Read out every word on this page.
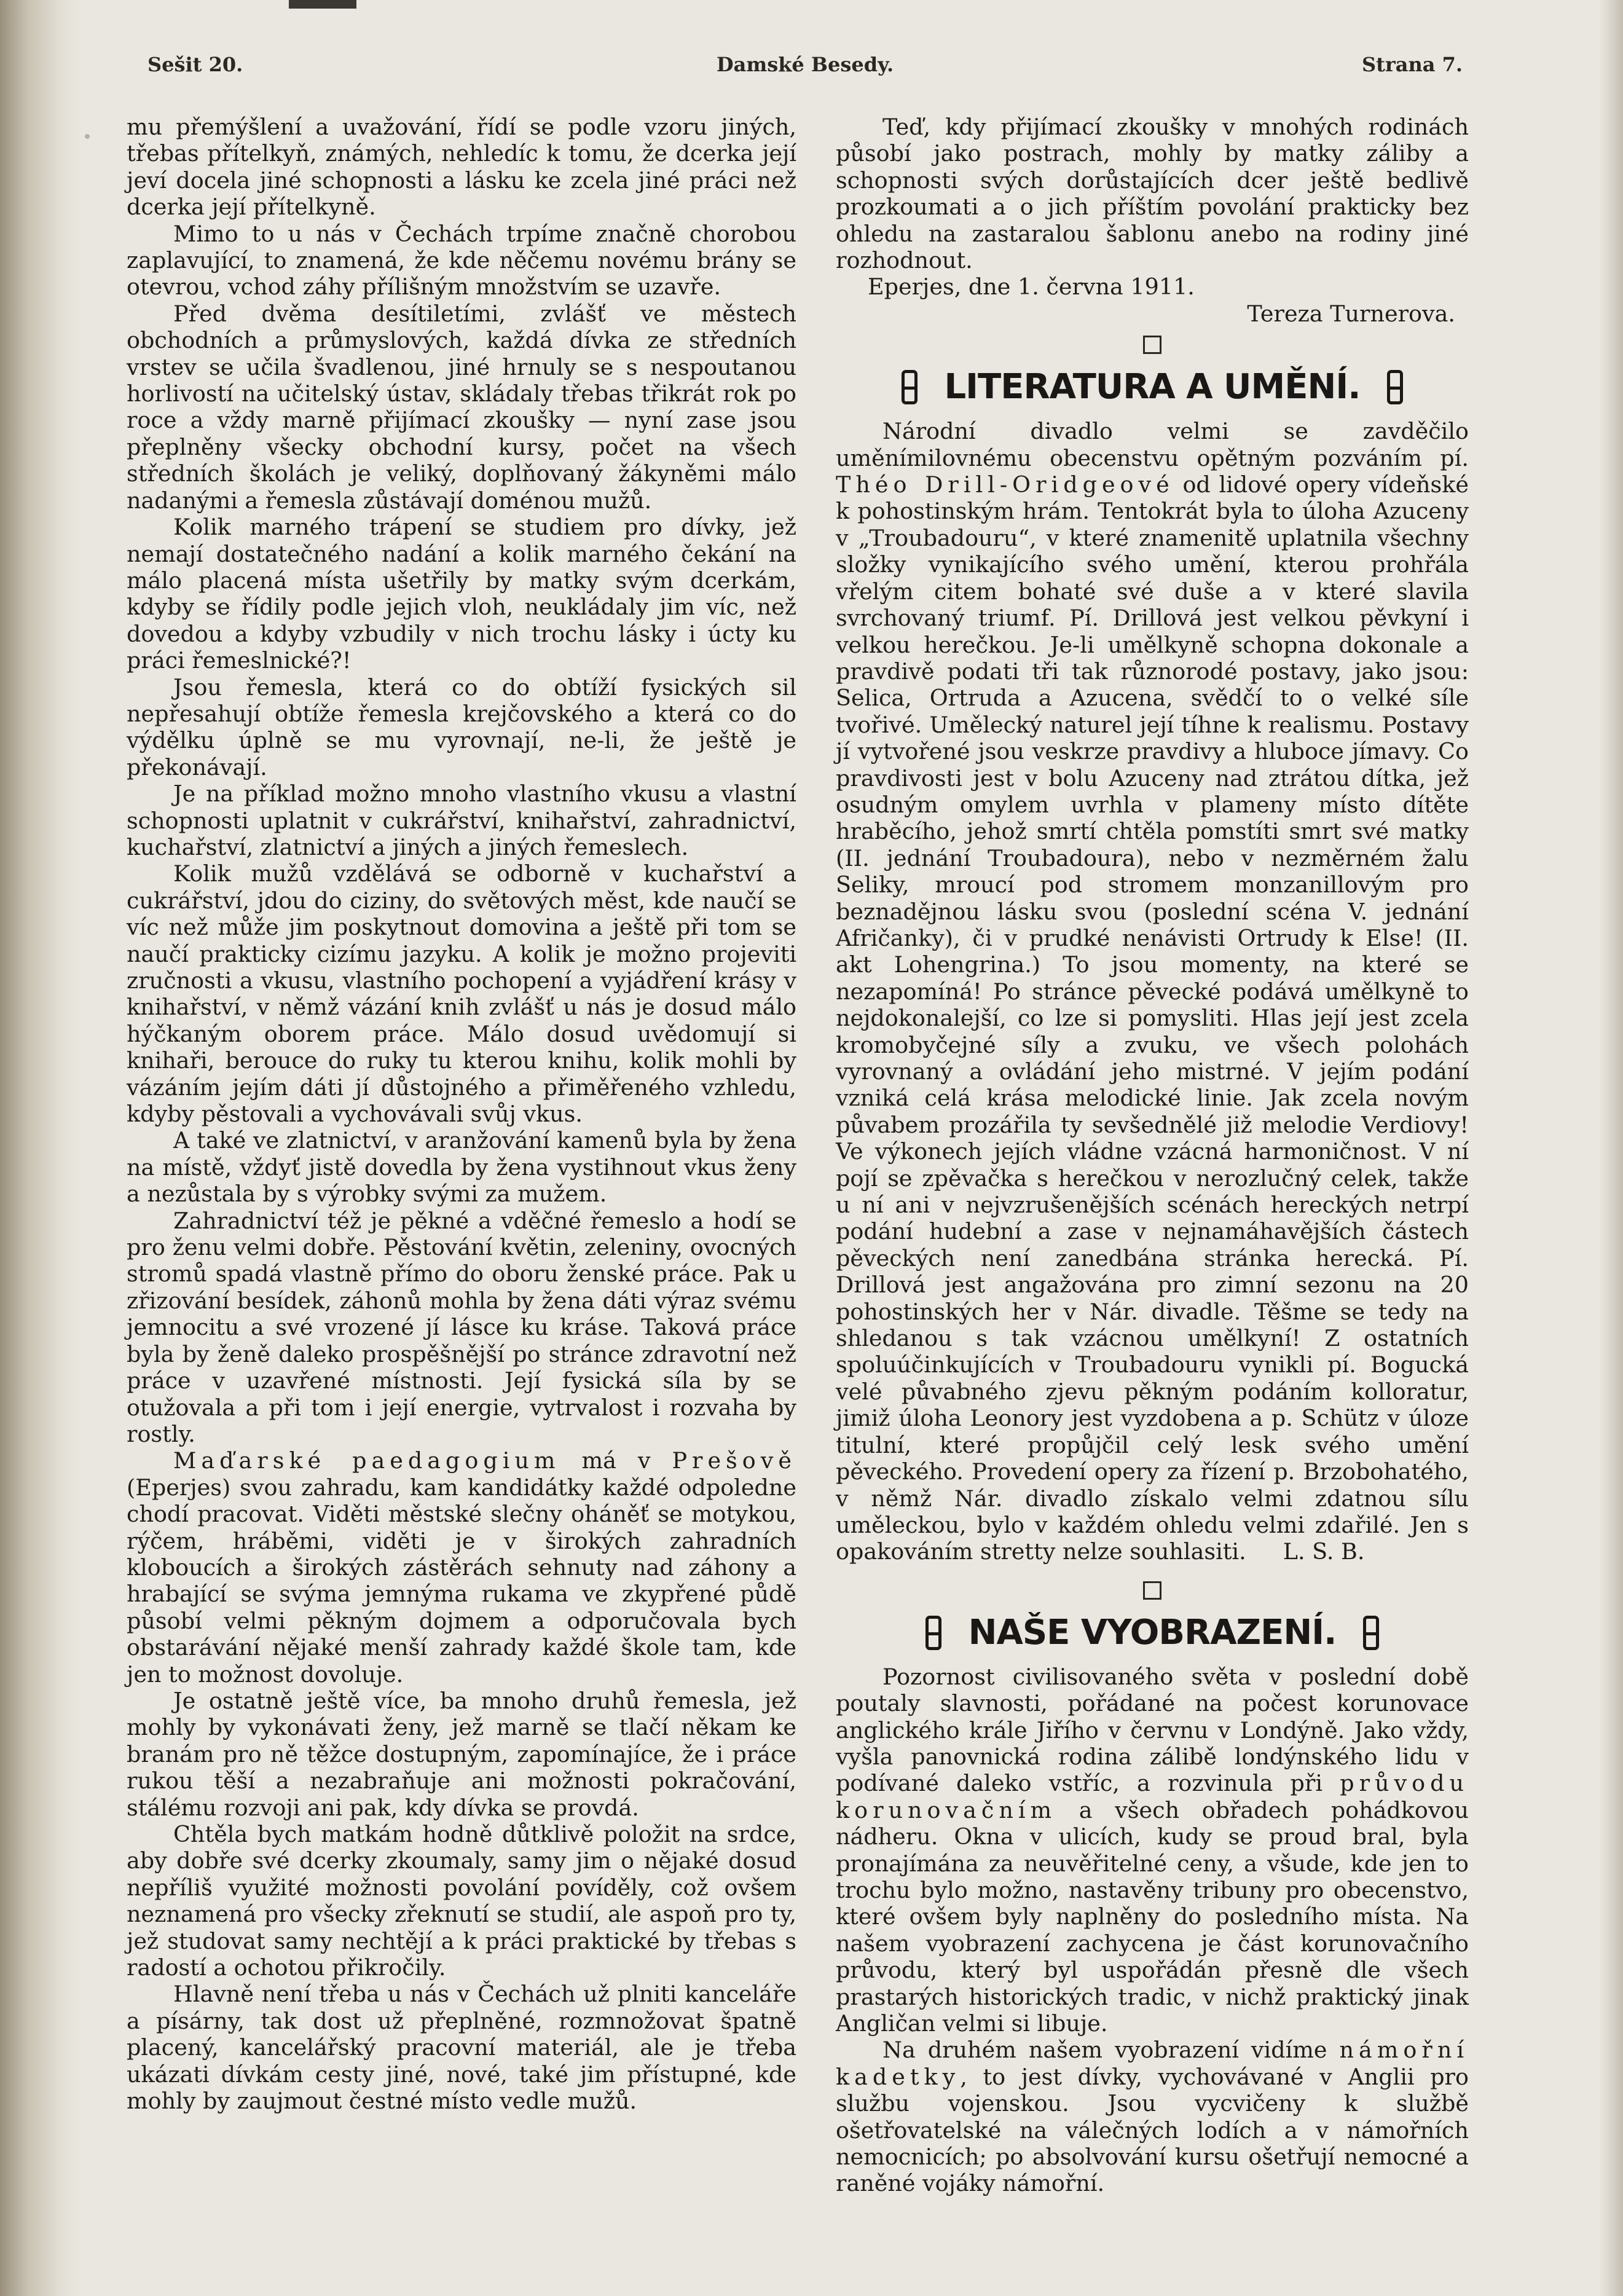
Sešit 20.	Damské Besedy.	Strana 7.

mu přemýšlení a uvažování, řídí se podle vzoru jiných, třebas přítelkyň, známých, nehledíc k tomu, že dcerka její jeví docela jiné schopnosti a lásku ke zcela jiné práci než dcerka její přítelkyně.

Mimo to u nás v Čechách trpíme značně chorobou zaplavující, to znamená, že kde něčemu novému brány se otevrou, vchod záhy přílišným množstvím se uzavře.

Před dvěma desítiletími, zvlášť ve městech obchodních a průmyslových, každá dívka ze středních vrstev se učila švadlenou, jiné hrnuly se s nespoutanou horlivostí na učitelský ústav, skládaly třebas třikrát rok po roce a vždy marně přijímací zkoušky — nyní zase jsou přeplněny všecky obchodní kursy, počet na všech středních školách je veliký, doplňovaný žákyněmi málo nadanými a řemesla zůstávají doménou mužů.

Kolik marného trápení se studiem pro dívky, jež nemají dostatečného nadání a kolik marného čekání na málo placená místa ušetřily by matky svým dcerkám, kdyby se řídily podle jejich vloh, neukládaly jim víc, než dovedou a kdyby vzbudily v nich trochu lásky i úcty ku práci řemeslnické?!

Jsou řemesla, která co do obtíží fysických sil nepřesahují obtíže řemesla krejčovského a která co do výdělku úplně se mu vyrovnají, ne-li, že ještě je překonávají.

Je na příklad možno mnoho vlastního vkusu a vlastní schopnosti uplatnit v cukrářství, knihařství, zahradnictví, kuchařství, zlatnictví a jiných a jiných řemeslech.

Kolik mužů vzdělává se odborně v kuchařství a cukrářství, jdou do ciziny, do světových měst, kde naučí se víc než může jim poskytnout domovina a ještě při tom se naučí prakticky cizímu jazyku. A kolik je možno projeviti zručnosti a vkusu, vlastního pochopení a vyjádření krásy v knihařství, v němž vázání knih zvlášť u nás je dosud málo hýčkaným oborem práce. Málo dosud uvědomují si knihaři, berouce do ruky tu kterou knihu, kolik mohli by vázáním jejím dáti jí důstojného a přiměřeného vzhledu, kdyby pěstovali a vychovávali svůj vkus.

A také ve zlatnictví, v aranžování kamenů byla by žena na místě, vždyť jistě dovedla by žena vystihnout vkus ženy a nezůstala by s výrobky svými za mužem.

Zahradnictví též je pěkné a vděčné řemeslo a hodí se pro ženu velmi dobře. Pěstování květin, zeleniny, ovocných stromů spadá vlastně přímo do oboru ženské práce. Pak u zřizování besídek, záhonů mohla by žena dáti výraz svému jemnocitu a své vrozené jí lásce ku kráse. Taková práce byla by ženě daleko prospěšnější po stránce zdravotní než práce v uzavřené místnosti. Její fysická síla by se otužovala a při tom i její energie, vytrvalost i rozvaha by rostly.

Maďarské paedagogium má v Prešově (Eperjes) svou zahradu, kam kandidátky každé odpoledne chodí pracovat. Viděti městské slečny oháněť se motykou, rýčem, hráběmi, viděti je v širokých zahradních kloboucích a širokých zástěrách sehnuty nad záhony a hrabající se svýma jemnýma rukama ve zkypřené půdě působí velmi pěkným dojmem a odporučovala bych obstarávání nějaké menší zahrady každé škole tam, kde jen to možnost dovoluje.

Je ostatně ještě více, ba mnoho druhů řemesla, jež mohly by vykonávati ženy, jež marně se tlačí někam ke branám pro ně těžce dostupným, zapomínajíce, že i práce rukou těší a nezabraňuje ani možnosti pokračování, stálému rozvoji ani pak, kdy dívka se provdá.

Chtěla bych matkám hodně důtklivě položit na srdce, aby dobře své dcerky zkoumaly, samy jim o nějaké dosud nepříliš využité možnosti povolání povíděly, což ovšem neznamená pro všecky zřeknutí se studií, ale aspoň pro ty, jež studovat samy nechtějí a k práci praktické by třebas s radostí a ochotou přikročily.

Hlavně není třeba u nás v Čechách už plniti kanceláře a písárny, tak dost už přeplněné, rozmnožovat špatně placený, kancelářský pracovní materiál, ale je třeba ukázati dívkám cesty jiné, nové, také jim přístupné, kde mohly by zaujmout čestné místo vedle mužů.

Teď, kdy přijímací zkoušky v mnohých rodinách působí jako postrach, mohly by matky záliby a schopnosti svých dorůstajících dcer ještě bedlivě prozkoumati a o jich příštím povolání prakticky bez ohledu na zastaralou šablonu anebo na rodiny jiné rozhodnout.

Eperjes, dne 1. června 1911.

Tereza Turnerova.

LITERATURA A UMĚNÍ.

Národní divadlo velmi se zavděčilo uměnímilovnému obecenstvu opětným pozváním pí. Théo Drill-Oridgeové od lidové opery vídeňské k pohostinským hrám. Tentokrát byla to úloha Azuceny v „Troubadouru“, v které znamenitě uplatnila všechny složky vynikajícího svého umění, kterou prohřála vřelým citem bohaté své duše a v které slavila svrchovaný triumf. Pí. Drillová jest velkou pěvkyní i velkou herečkou. Je-li umělkyně schopna dokonale a pravdivě podati tři tak různorodé postavy, jako jsou: Selica, Ortruda a Azucena, svědčí to o velké síle tvořivé. Umělecký naturel její tíhne k realismu. Postavy jí vytvořené jsou veskrze pravdivy a hluboce jímavy. Co pravdivosti jest v bolu Azuceny nad ztrátou dítka, jež osudným omylem uvrhla v plameny místo dítěte hraběcího, jehož smrtí chtěla pomstíti smrt své matky (II. jednání Troubadoura), nebo v nezměrném žalu Seliky, mroucí pod stromem monzanillovým pro beznadějnou lásku svou (poslední scéna V. jednání Afričanky), či v prudké nenávisti Ortrudy k Else! (II. akt Lohengrina.) To jsou momenty, na které se nezapomíná! Po stránce pěvecké podává umělkyně to nejdokonalejší, co lze si pomysliti. Hlas její jest zcela kromobyčejné síly a zvuku, ve všech polohách vyrovnaný a ovládání jeho mistrné. V jejím podání vzniká celá krása melodické linie. Jak zcela novým půvabem prozářila ty sevšednělé již melodie Verdiovy! Ve výkonech jejích vládne vzácná harmoničnost. V ní pojí se zpěvačka s herečkou v nerozlučný celek, takže u ní ani v nejvzrušenějších scénách hereckých netrpí podání hudební a zase v nejnamáhavějších částech pěveckých není zanedbána stránka herecká. Pí. Drillová jest angažována pro zimní sezonu na 20 pohostinských her v Nár. divadle. Těšme se tedy na shledanou s tak vzácnou umělkyní! Z ostatních spoluúčinkujících v Troubadouru vynikli pí. Bogucká velé půvabného zjevu pěkným podáním kolloratur, jimiž úloha Leonory jest vyzdobena a p. Schütz v úloze titulní, které propůjčil celý lesk svého umění pěveckého. Provedení opery za řízení p. Brzobohatého, v němž Nár. divadlo získalo velmi zdatnou sílu uměleckou, bylo v každém ohledu velmi zdařilé. Jen s opakováním stretty nelze souhlasiti. L. S. B.

NAŠE VYOBRAZENÍ.

Pozornost civilisovaného světa v poslední době poutaly slavnosti, pořádané na počest korunovace anglického krále Jiřího v červnu v Londýně. Jako vždy, vyšla panovnická rodina zálibě londýnského lidu v podívané daleko vstříc, a rozvinula při průvodu korunovačním a všech obřadech pohádkovou nádheru. Okna v ulicích, kudy se proud bral, byla pronajímána za neuvěřitelné ceny, a všude, kde jen to trochu bylo možno, nastavěny tribuny pro obecenstvo, které ovšem byly naplněny do posledního místa. Na našem vyobrazení zachycena je část korunovačního průvodu, který byl uspořádán přesně dle všech prastarých historických tradic, v nichž praktický jinak Angličan velmi si libuje.

Na druhém našem vyobrazení vidíme námořní kadetky, to jest dívky, vychovávané v Anglii pro službu vojenskou. Jsou vycvičeny k službě ošetřovatelské na válečných lodích a v námořních nemocnicích; po absolvování kursu ošetřují nemocné a raněné vojáky námořní.
